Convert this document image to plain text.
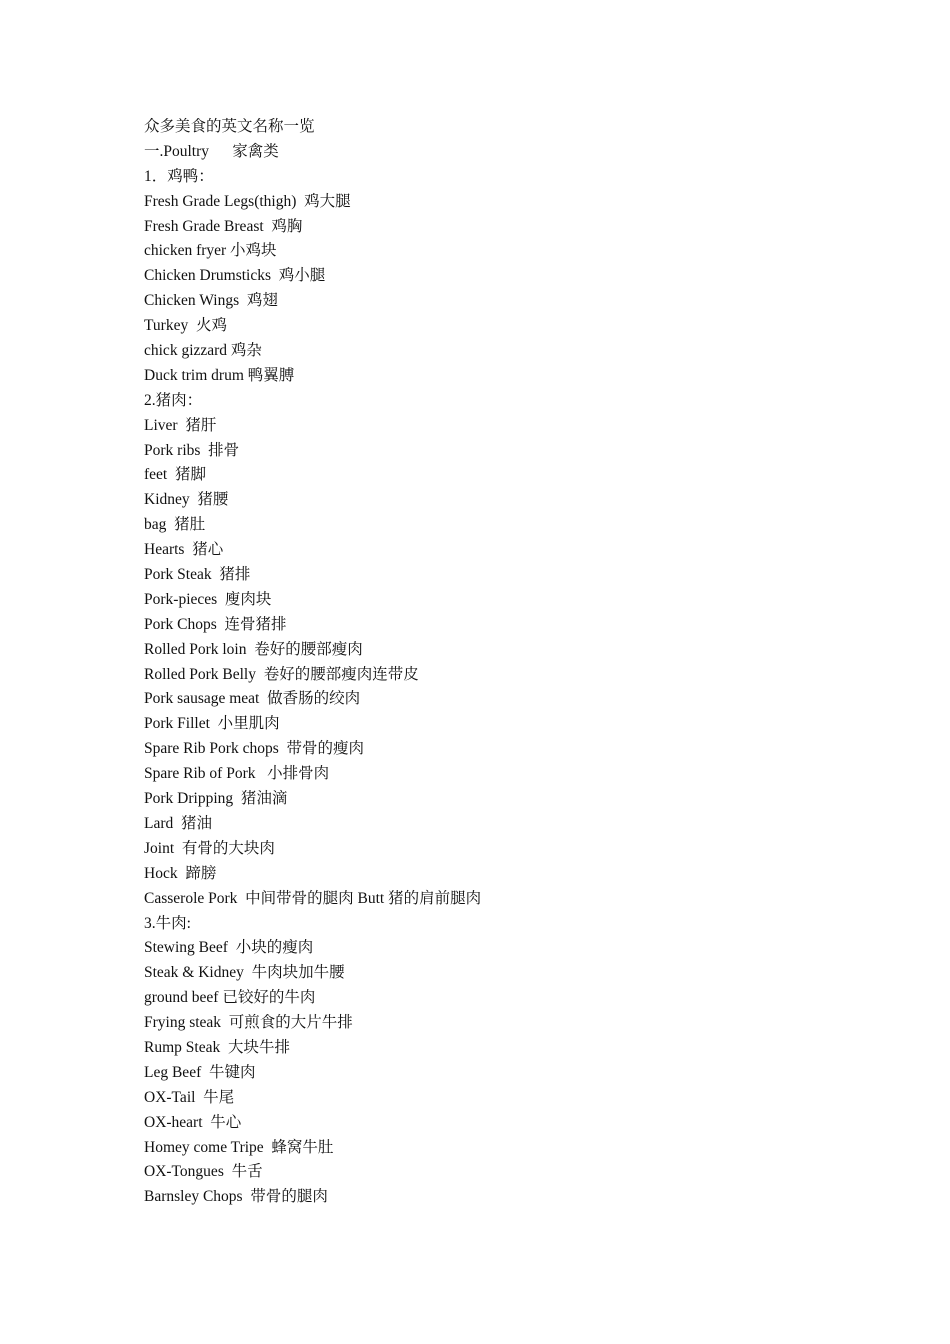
众多美食的英文名称一览
一.Poultry      家禽类
1．鸡鸭：
Fresh Grade Legs(thigh)  鸡大腿
Fresh Grade Breast  鸡胸
chicken fryer 小鸡块
Chicken Drumsticks  鸡小腿
Chicken Wings  鸡翅
Turkey  火鸡
chick gizzard 鸡杂
Duck trim drum 鸭翼膊
2.猪肉：
Liver  猪肝
Pork ribs  排骨
feet  猪脚
Kidney  猪腰
bag  猪肚
Hearts  猪心
Pork Steak  猪排
Pork-pieces  廋肉块
Pork Chops  连骨猪排
Rolled Pork loin  卷好的腰部瘦肉
Rolled Pork Belly  卷好的腰部瘦肉连带皮
Pork sausage meat  做香肠的绞肉
Pork Fillet  小里肌肉
Spare Rib Pork chops  带骨的瘦肉
Spare Rib of Pork   小排骨肉
Pork Dripping  猪油滴
Lard  猪油
Joint  有骨的大块肉
Hock  蹄膀
Casserole Pork  中间带骨的腿肉 Butt 猪的肩前腿肉
3.牛肉:
Stewing Beef  小块的瘦肉
Steak & Kidney  牛肉块加牛腰
ground beef 已铰好的牛肉
Frying steak  可煎食的大片牛排
Rump Steak  大块牛排
Leg Beef  牛键肉
OX-Tail  牛尾
OX-heart  牛心
Homey come Tripe  蜂窝牛肚
OX-Tongues  牛舌
Barnsley Chops  带骨的腿肉
